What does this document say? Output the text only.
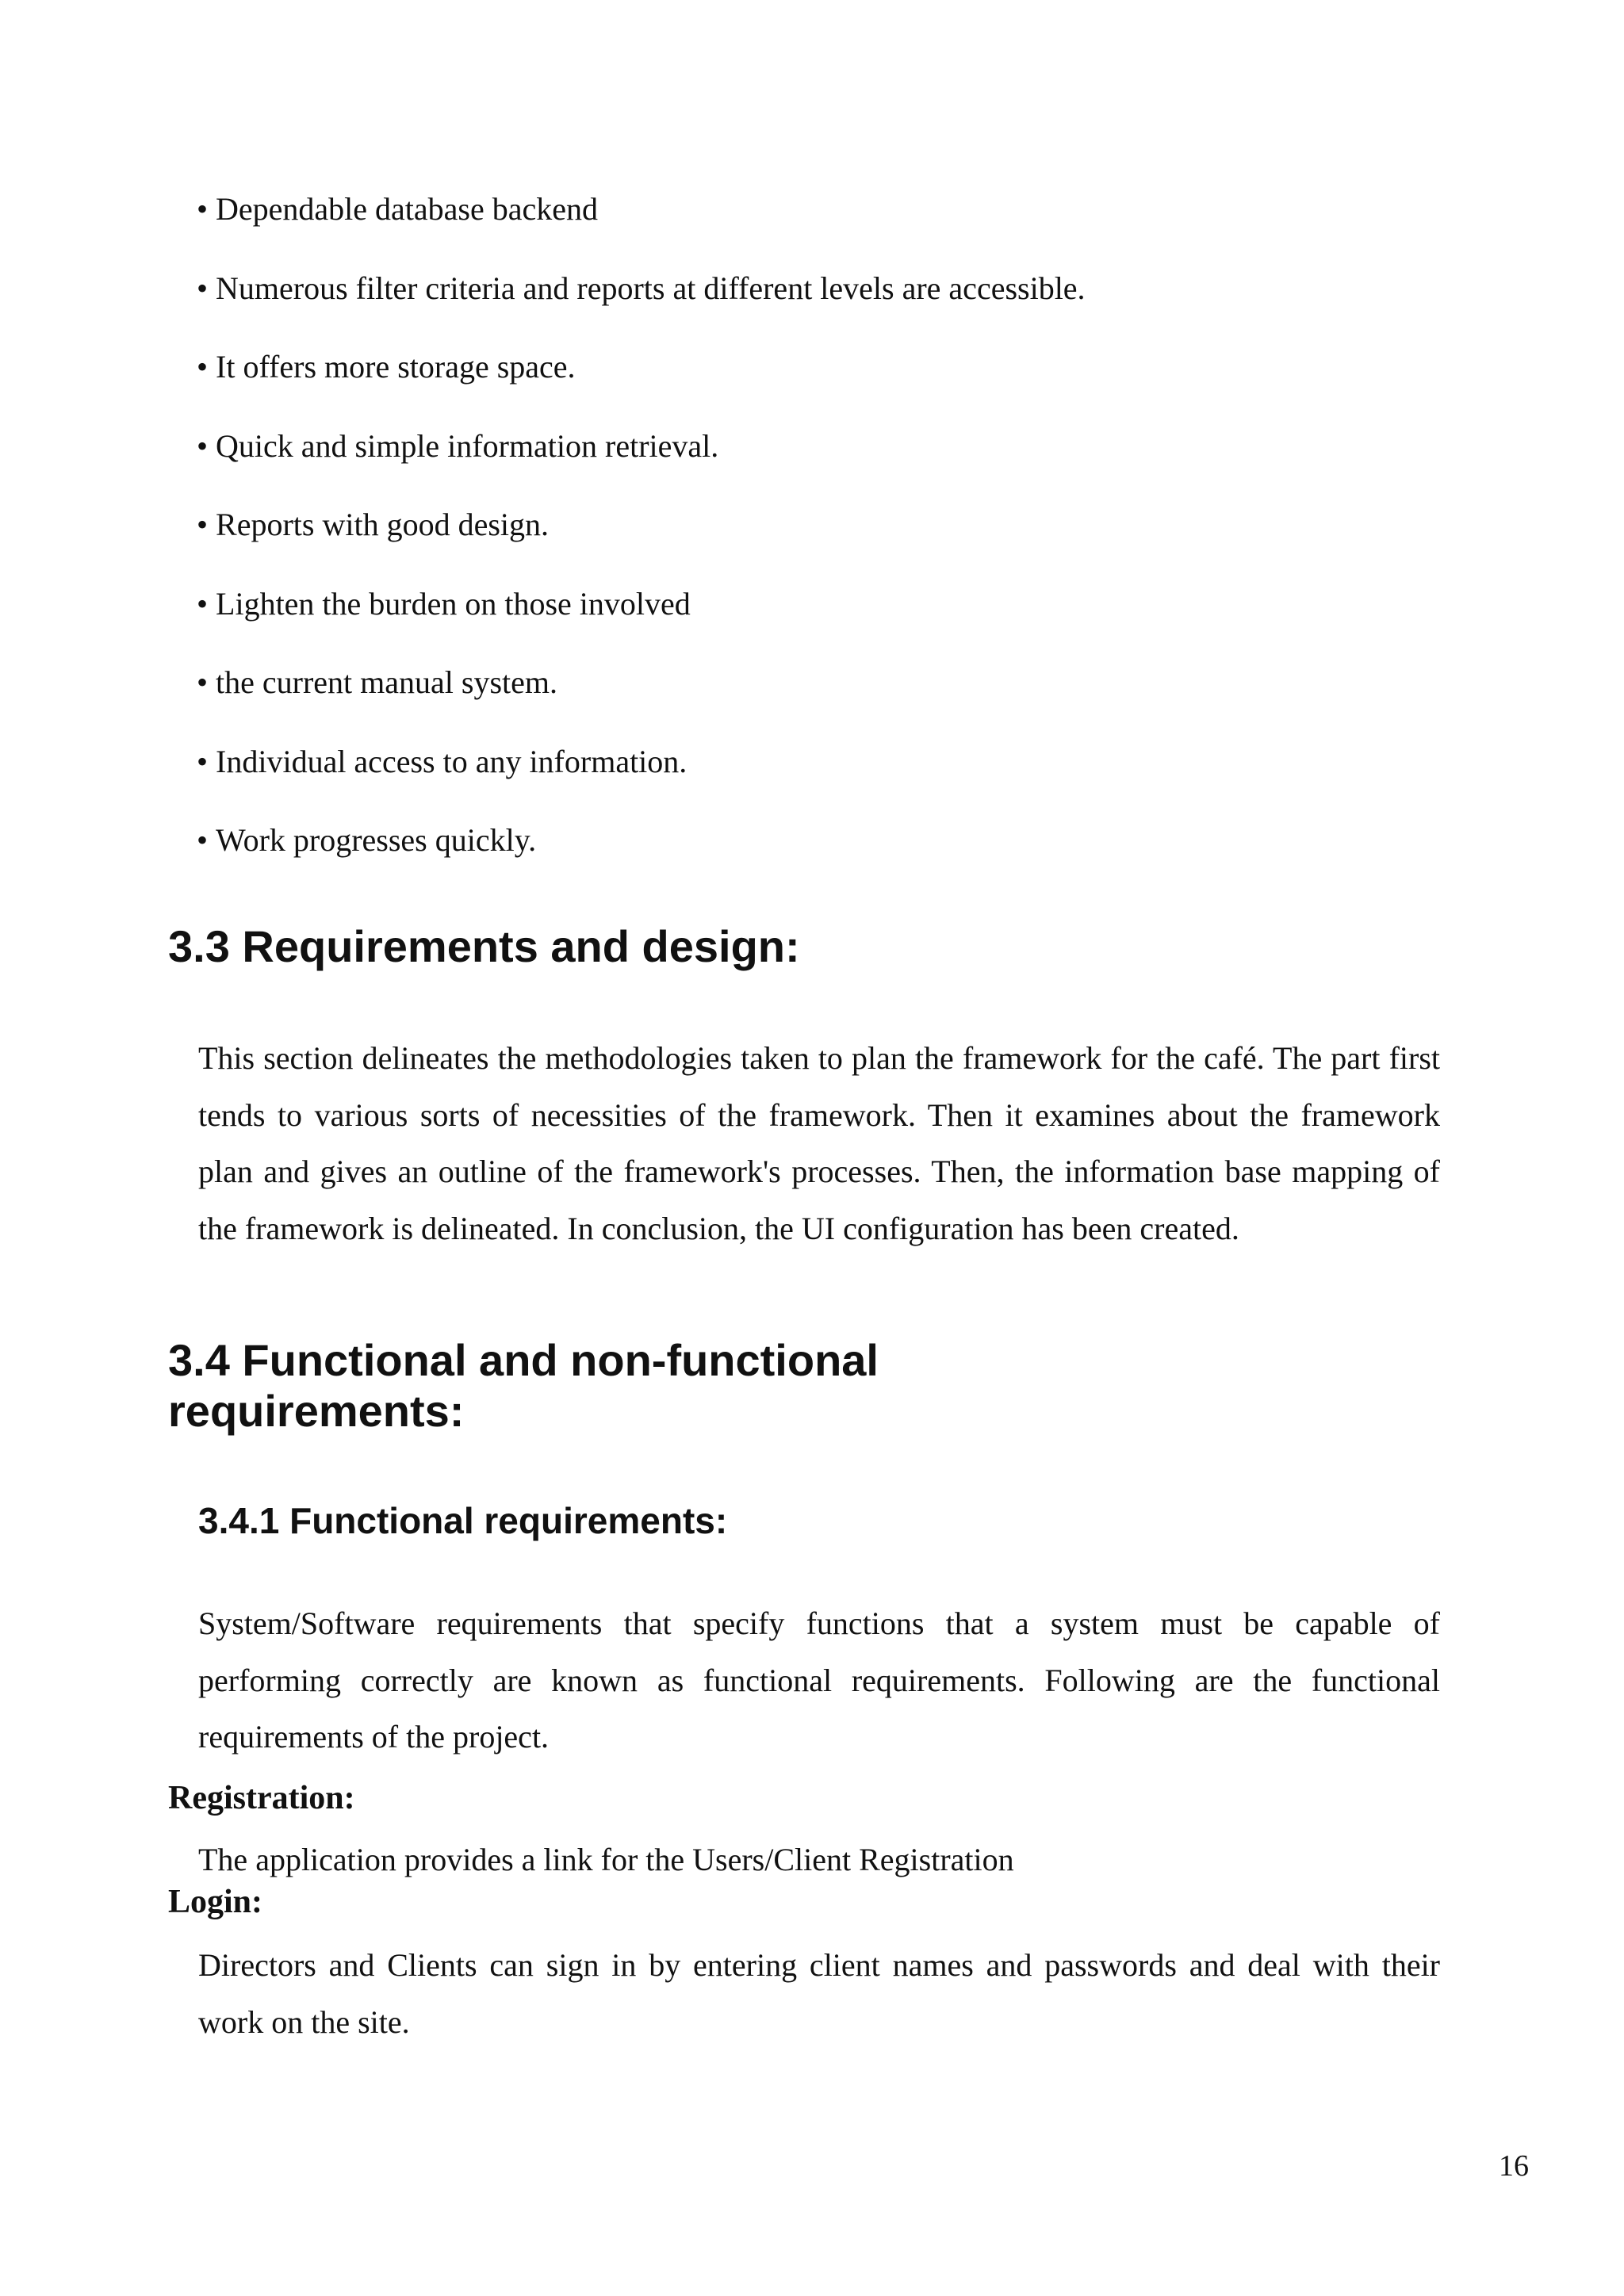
• Dependable database backend
• Numerous filter criteria and reports at different levels are accessible.
• It offers more storage space.
• Quick and simple information retrieval.
• Reports with good design.
• Lighten the burden on those involved
• the current manual system.
• Individual access to any information.
• Work progresses quickly.
3.3 Requirements and design:

This section delineates the methodologies taken to plan the framework for the café. The part first tends to various sorts of necessities of the framework. Then it examines about the framework plan and gives an outline of the framework's processes. Then, the information base mapping of the framework is delineated. In conclusion, the UI configuration has been created.

3.4 Functional and non-functional
requirements:
3.4.1 Functional requirements:

System/Software requirements that specify functions that a system must be capable of performing correctly are known as functional requirements. Following are the functional requirements of the project.

Registration:

The application provides a link for the Users/Client Registration

Login:

Directors and Clients can sign in by entering client names and passwords and deal with their work on the site.

16
